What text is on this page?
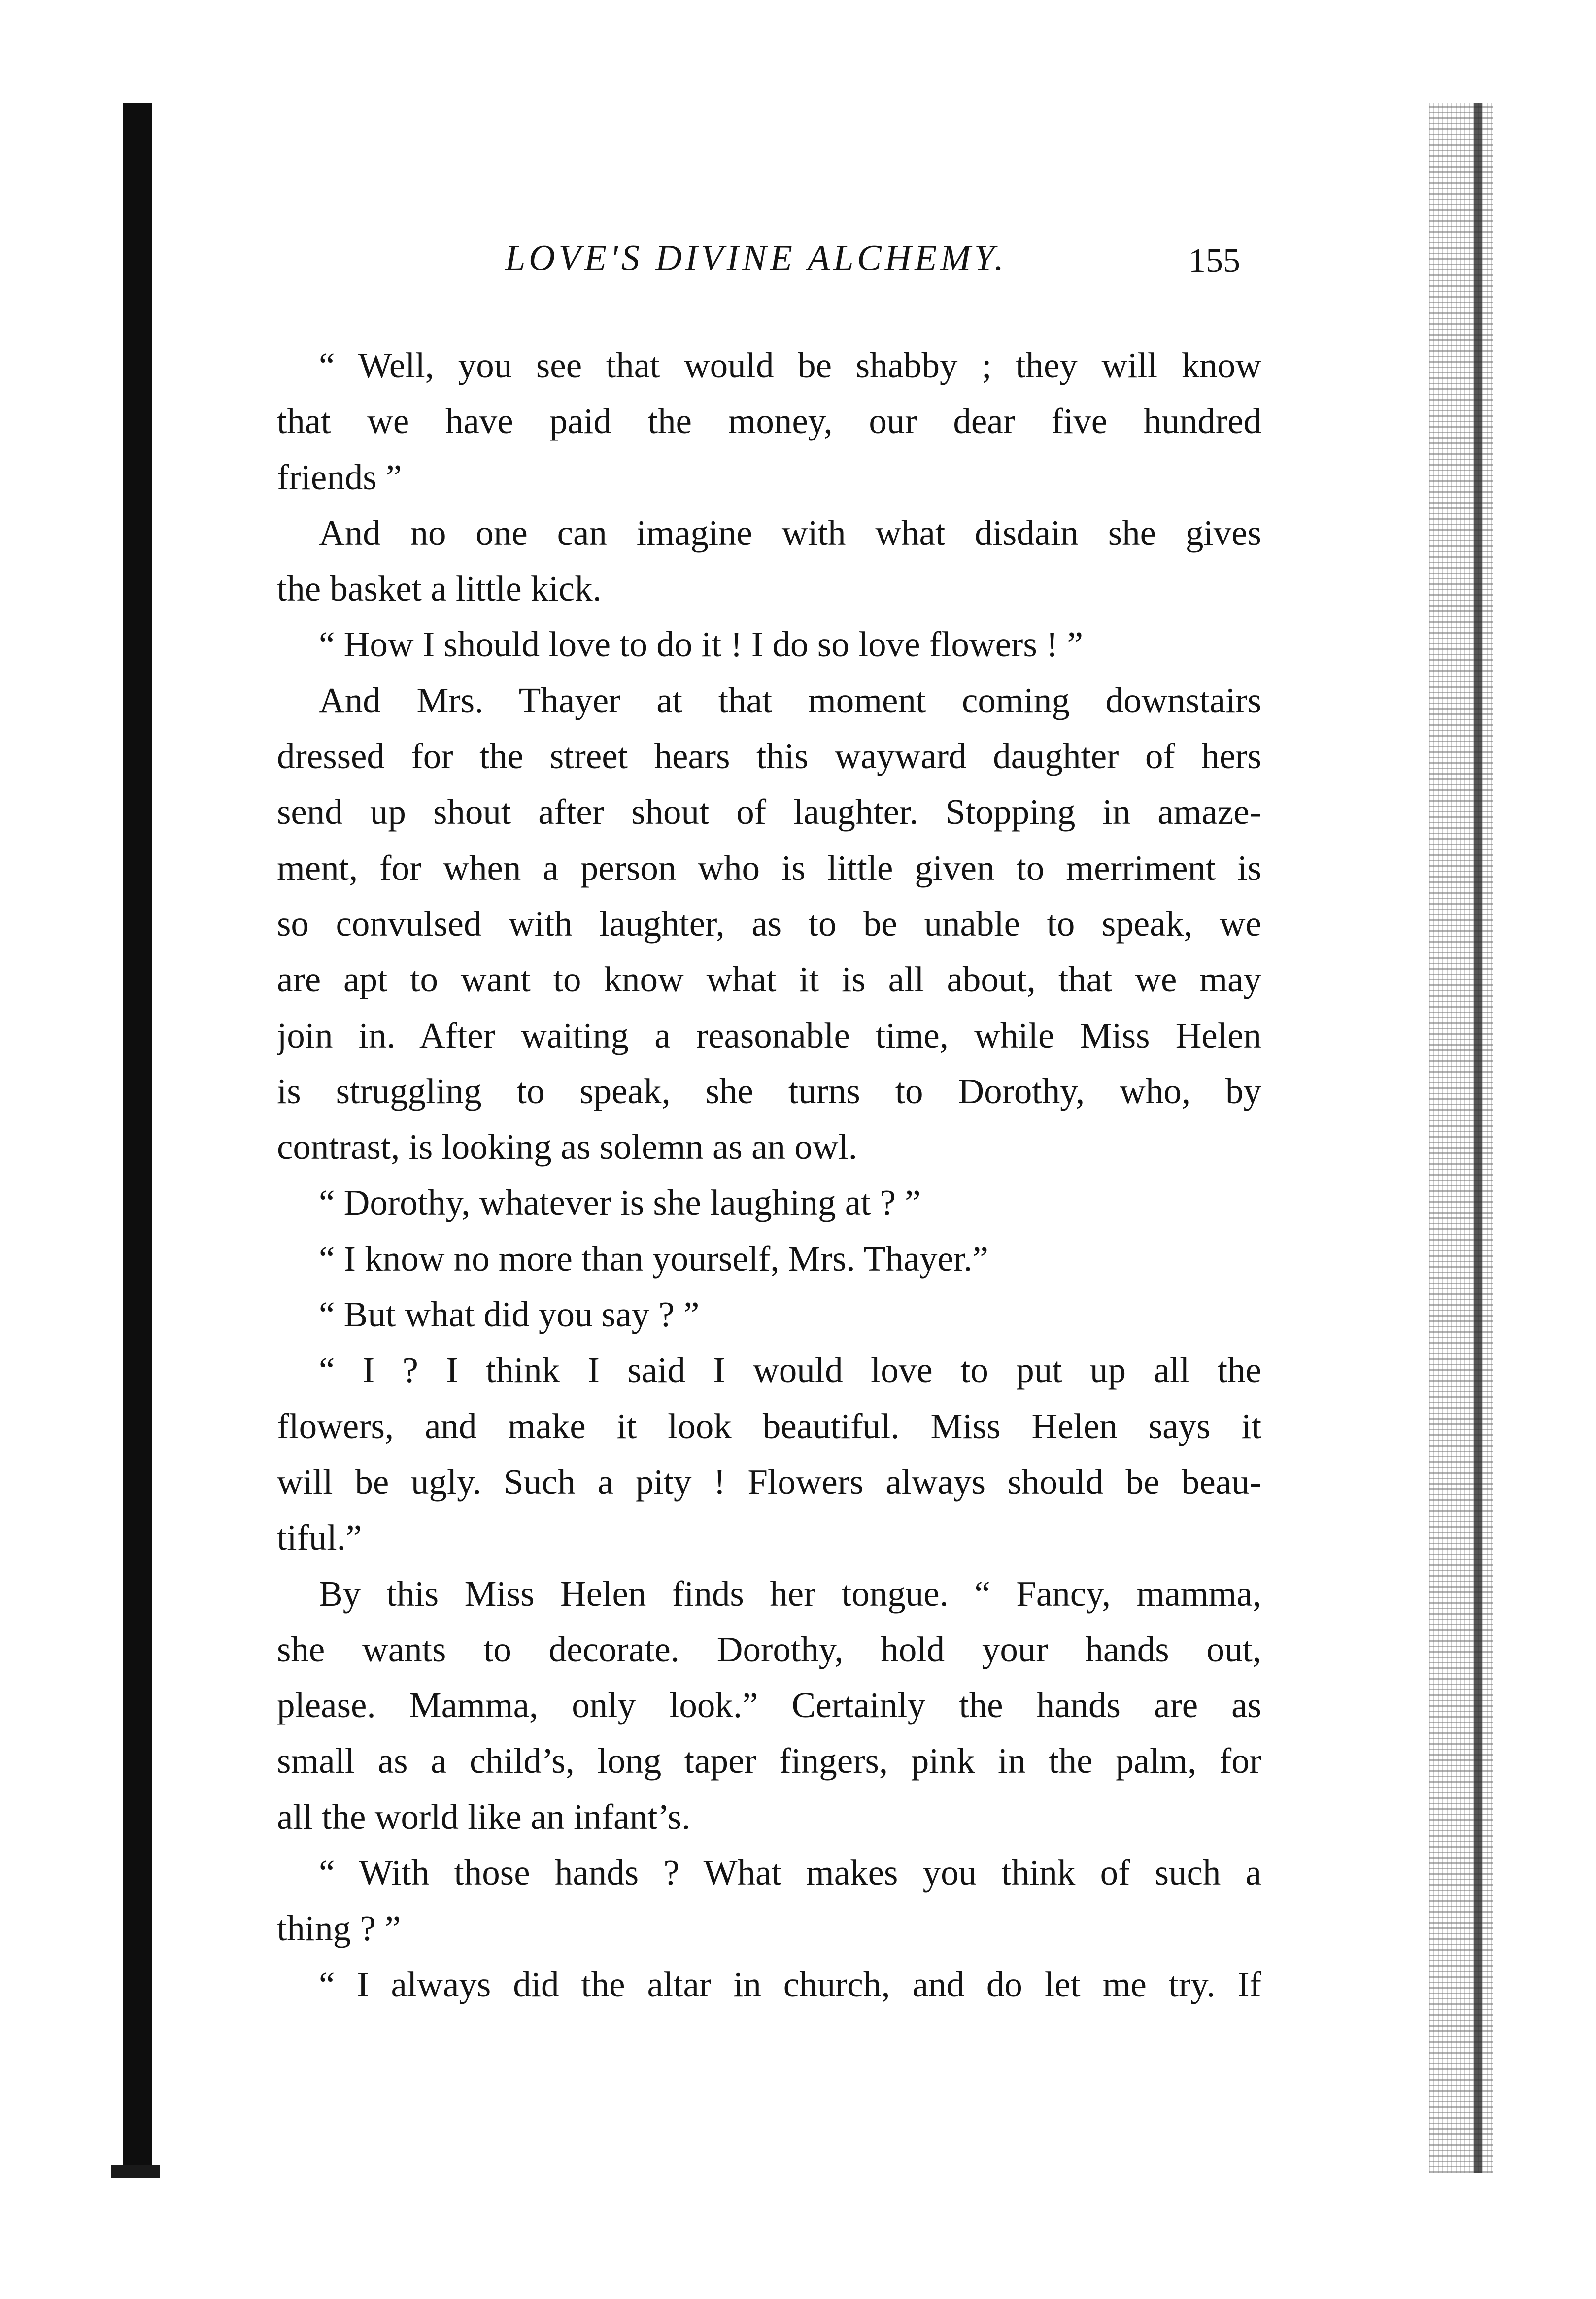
LOVE'S DIVINE ALCHEMY.	155
“ Well, you see that would be shabby ; they will know
that we have paid the money, our dear five hundred
friends ”
And no one can imagine with what disdain she gives
the basket a little kick.
“ How I should love to do it ! I do so love flowers ! ”
And Mrs. Thayer at that moment coming downstairs
dressed for the street hears this wayward daughter of hers
send up shout after shout of laughter. Stopping in amaze-
ment, for when a person who is little given to merriment is
so convulsed with laughter, as to be unable to speak, we
are apt to want to know what it is all about, that we may
join in. After waiting a reasonable time, while Miss Helen
is struggling to speak, she turns to Dorothy, who, by
contrast, is looking as solemn as an owl.
“ Dorothy, whatever is she laughing at ? ”
“ I know no more than yourself, Mrs. Thayer.”
“ But what did you say ? ”
“ I ? I think I said I would love to put up all the
flowers, and make it look beautiful. Miss Helen says it
will be ugly. Such a pity ! Flowers always should be beau-
tiful.”
By this Miss Helen finds her tongue. “ Fancy, mamma,
she wants to decorate. Dorothy, hold your hands out,
please. Mamma, only look.” Certainly the hands are as
small as a child’s, long taper fingers, pink in the palm, for
all the world like an infant’s.
“ With those hands ? What makes you think of such a
thing ? ”
“ I always did the altar in church, and do let me try. If
